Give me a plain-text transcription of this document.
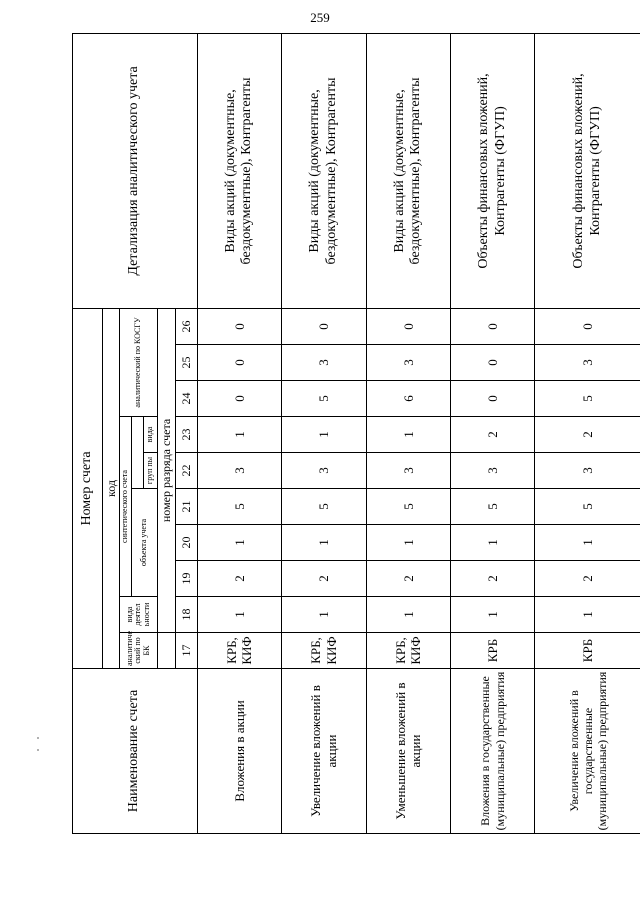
259
Наименование счета	Номер счета										Детализация аналитического учета
	код										
	аналитиче ский по БК	вида деятел ьности	синтетического счета					аналитический по КОСГУ			
			объекта учета								
						груп пы	вида				
		номер разряда счета									
	17	18	19	20	21	22	23	24	25	26	
Вложения в акции	КРБ, КИФ	1	2	1	5	3	1	0	0	0	Виды акций (документные, бездокументные), Контрагенты
Увеличение вложений в акции	КРБ, КИФ	1	2	1	5	3	1	5	3	0	Виды акций (документные, бездокументные), Контрагенты
Уменьшение вложений в акции	КРБ, КИФ	1	2	1	5	3	1	6	3	0	Виды акций (документные, бездокументные), Контрагенты
Вложения в государственные (муниципальные) предприятия	КРБ	1	2	1	5	3	2	0	0	0	Объекты финансовых вложений, Контрагенты (ФГУП)
Увеличение вложений в государственные (муниципальные) предприятия	КРБ	1	2	1	5	3	2	5	3	0	Объекты финансовых вложений, Контрагенты (ФГУП)
